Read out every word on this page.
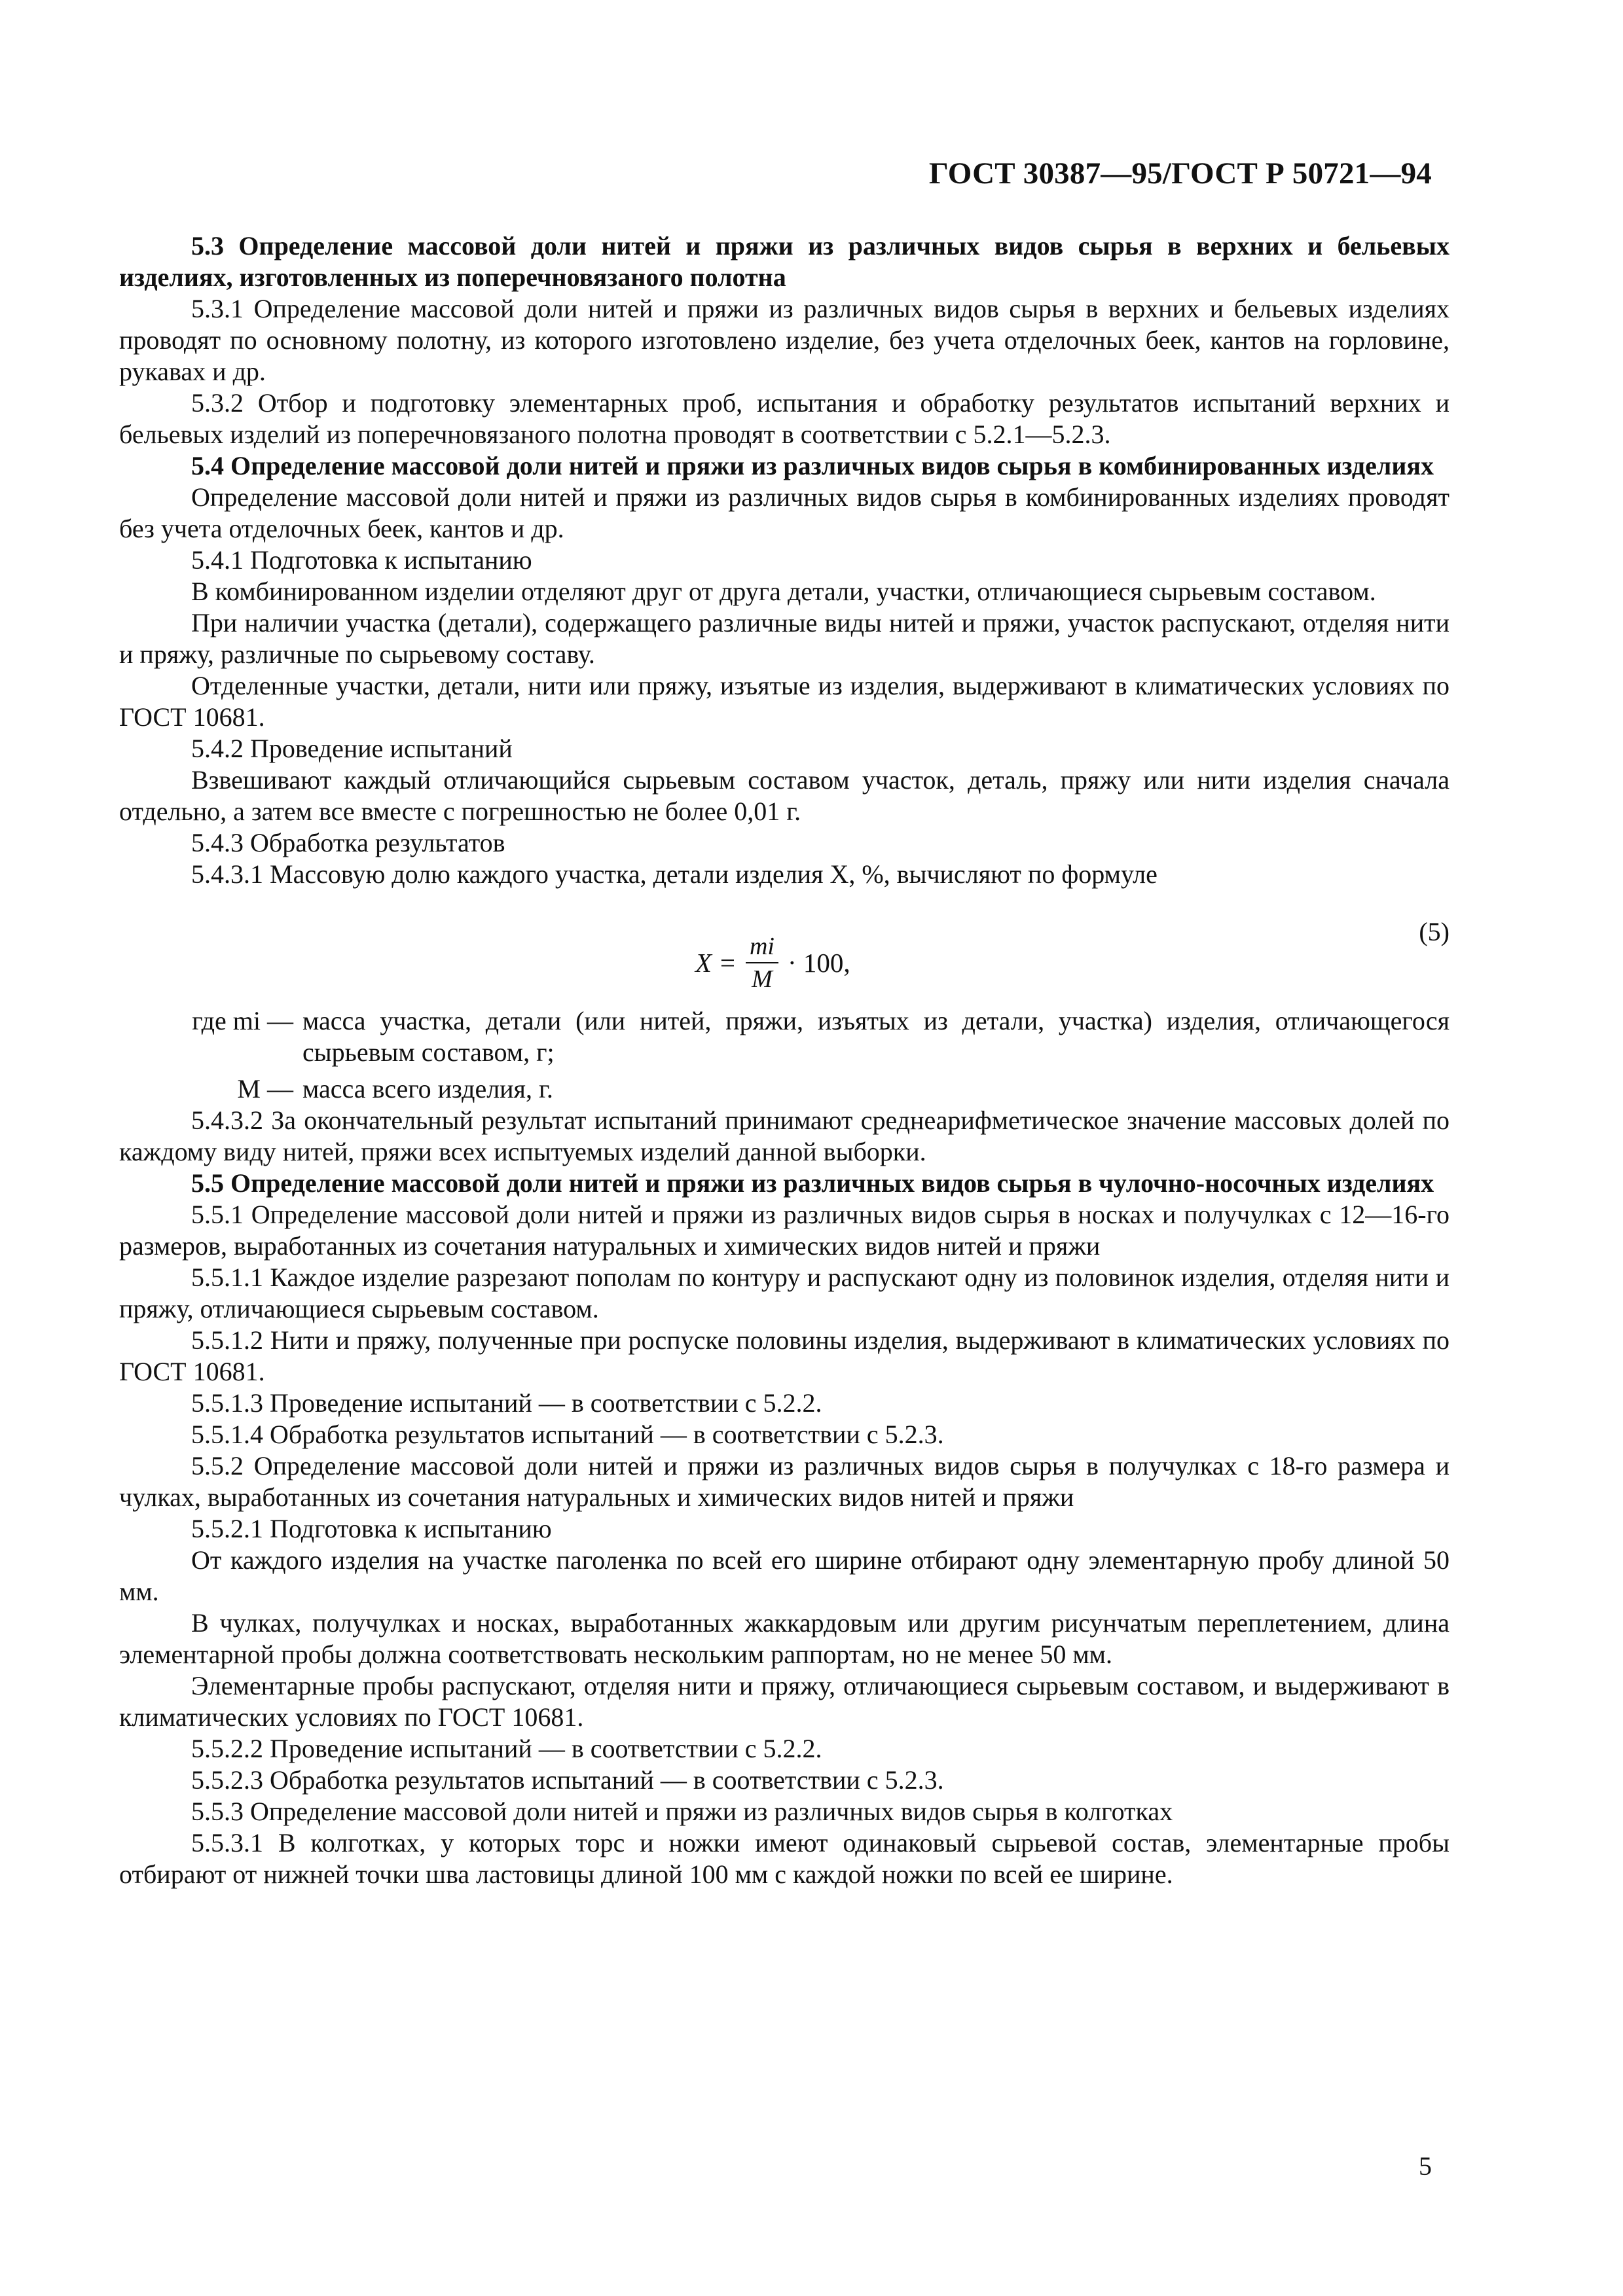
ГОСТ 30387—95/ГОСТ Р 50721—94

5.3 Определение массовой доли нитей и пряжи из различных видов сырья в верхних и бельевых изделиях, изготовленных из поперечновязаного полотна

5.3.1 Определение массовой доли нитей и пряжи из различных видов сырья в верхних и бельевых изделиях проводят по основному полотну, из которого изготовлено изделие, без учета отделочных беек, кантов на горловине, рукавах и др.

5.3.2 Отбор и подготовку элементарных проб, испытания и обработку результатов испытаний верхних и бельевых изделий из поперечновязаного полотна проводят в соответствии с 5.2.1—5.2.3.

5.4 Определение массовой доли нитей и пряжи из различных видов сырья в комбинированных изделиях

Определение массовой доли нитей и пряжи из различных видов сырья в комбинированных изделиях проводят без учета отделочных беек, кантов и др.

5.4.1 Подготовка к испытанию

В комбинированном изделии отделяют друг от друга детали, участки, отличающиеся сырьевым составом.

При наличии участка (детали), содержащего различные виды нитей и пряжи, участок распускают, отделяя нити и пряжу, различные по сырьевому составу.

Отделенные участки, детали, нити или пряжу, изъятые из изделия, выдерживают в климатических условиях по ГОСТ 10681.

5.4.2 Проведение испытаний

Взвешивают каждый отличающийся сырьевым составом участок, деталь, пряжу или нити изделия сначала отдельно, а затем все вместе с погрешностью не более 0,01 г.

5.4.3 Обработка результатов

5.4.3.1 Массовую долю каждого участка, детали изделия X, %, вычисляют по формуле

$X = \frac{mi}{M} \cdot 100$,
(5)
где mi — масса участка, детали (или нитей, пряжи, изъятых из детали, участка) изделия, отличающегося сырьевым составом, г;
M — масса всего изделия, г.

5.4.3.2 За окончательный результат испытаний принимают среднеарифметическое значение массовых долей по каждому виду нитей, пряжи всех испытуемых изделий данной выборки.

5.5 Определение массовой доли нитей и пряжи из различных видов сырья в чулочно-носочных изделиях

5.5.1 Определение массовой доли нитей и пряжи из различных видов сырья в носках и получулках с 12—16-го размеров, выработанных из сочетания натуральных и химических видов нитей и пряжи

5.5.1.1 Каждое изделие разрезают пополам по контуру и распускают одну из половинок изделия, отделяя нити и пряжу, отличающиеся сырьевым составом.

5.5.1.2 Нити и пряжу, полученные при роспуске половины изделия, выдерживают в климатических условиях по ГОСТ 10681.

5.5.1.3 Проведение испытаний — в соответствии с 5.2.2.

5.5.1.4 Обработка результатов испытаний — в соответствии с 5.2.3.

5.5.2 Определение массовой доли нитей и пряжи из различных видов сырья в получулках с 18-го размера и чулках, выработанных из сочетания натуральных и химических видов нитей и пряжи

5.5.2.1 Подготовка к испытанию

От каждого изделия на участке паголенка по всей его ширине отбирают одну элементарную пробу длиной 50 мм.

В чулках, получулках и носках, выработанных жаккардовым или другим рисунчатым переплетением, длина элементарной пробы должна соответствовать нескольким раппортам, но не менее 50 мм.

Элементарные пробы распускают, отделяя нити и пряжу, отличающиеся сырьевым составом, и выдерживают в климатических условиях по ГОСТ 10681.

5.5.2.2 Проведение испытаний — в соответствии с 5.2.2.

5.5.2.3 Обработка результатов испытаний — в соответствии с 5.2.3.

5.5.3 Определение массовой доли нитей и пряжи из различных видов сырья в колготках

5.5.3.1 В колготках, у которых торс и ножки имеют одинаковый сырьевой состав, элементарные пробы отбирают от нижней точки шва ластовицы длиной 100 мм с каждой ножки по всей ее ширине.

5
